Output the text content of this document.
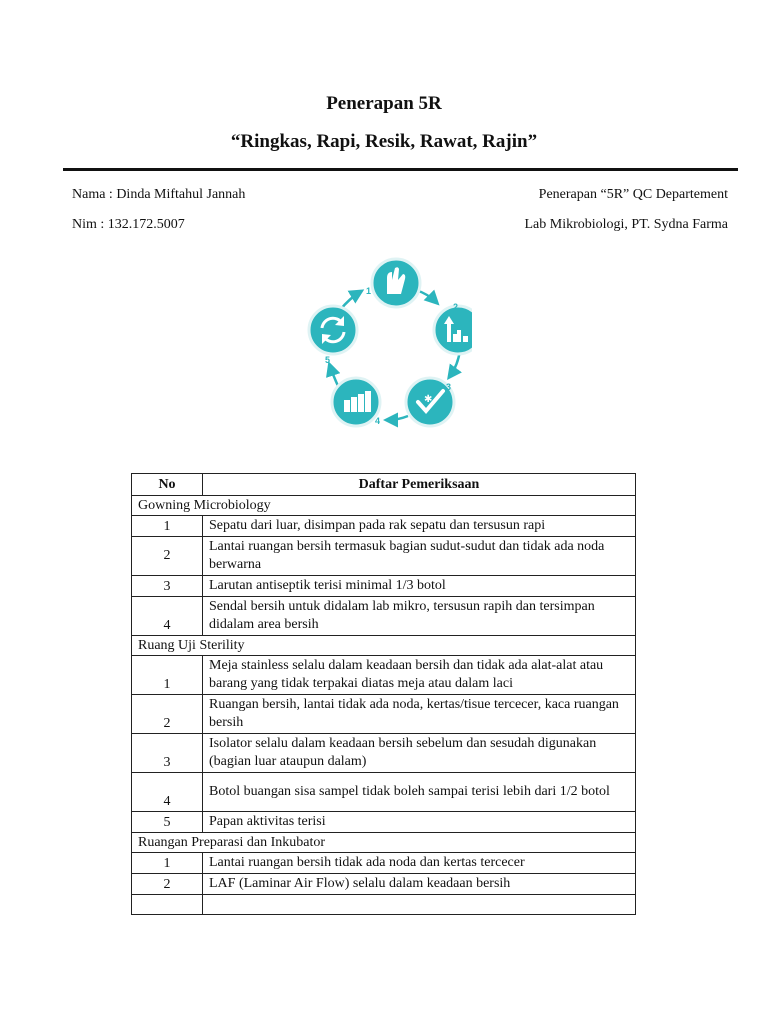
Penerapan 5R
“Ringkas, Rapi, Resik, Rawat, Rajin”
Nama : Dinda Miftahul Jannah
Nim : 132.172.5007
Penerapan “5R” QC Departement
Lab Mikrobiologi, PT. Sydna Farma
1
2
✱
3
4
5
No	Daftar Pemeriksaan
Gowning Microbiology	
1	Sepatu dari luar, disimpan pada rak sepatu dan tersusun rapi
2	Lantai ruangan bersih termasuk bagian sudut-sudut dan tidak ada noda berwarna
3	Larutan antiseptik terisi minimal 1/3 botol
4	Sendal bersih untuk didalam lab mikro, tersusun rapih dan tersimpan didalam area bersih
Ruang Uji Sterility	
1	Meja stainless selalu dalam keadaan bersih dan tidak ada alat-alat atau barang yang tidak terpakai diatas meja atau dalam laci
2	Ruangan bersih, lantai tidak ada noda, kertas/tisue tercecer, kaca ruangan bersih
3	Isolator selalu dalam keadaan bersih sebelum dan sesudah digunakan (bagian luar ataupun dalam)
4	Botol buangan sisa sampel tidak boleh sampai terisi lebih dari 1/2 botol
5	Papan aktivitas terisi
Ruangan Preparasi dan Inkubator	
1	Lantai ruangan bersih tidak ada noda dan kertas tercecer
2	LAF (Laminar Air Flow) selalu dalam keadaan bersih
